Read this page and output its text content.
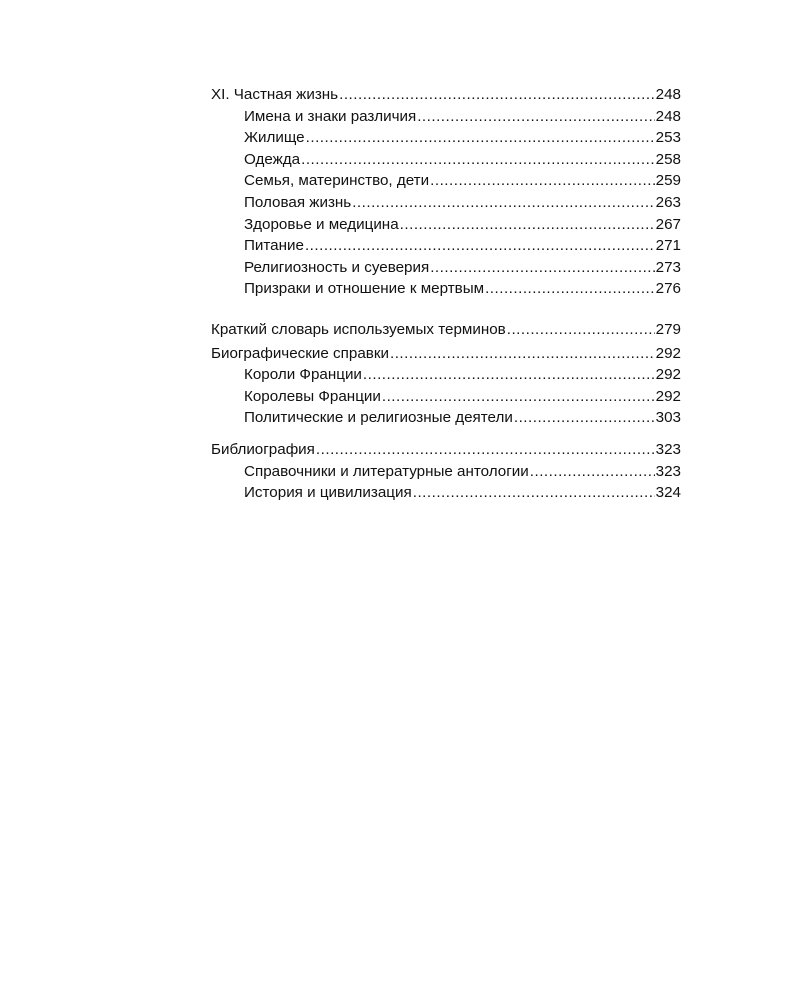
XI. Частная жизнь .....	248
Имена и знаки различия .....	248
Жилище .....	253
Одежда .....	258
Семья, материнство, дети .....	259
Половая жизнь .....	263
Здоровье и медицина .....	267
Питание .....	271
Религиозность и суеверия .....	273
Призраки и отношение к мертвым .....	276
Краткий словарь используемых терминов .....	279
Биографические справки .....	292
Короли Франции .....	292
Королевы Франции .....	292
Политические и религиозные деятели .....	303
Библиография .....	323
Справочники и литературные антологии .....	323
История и цивилизация .....	324
